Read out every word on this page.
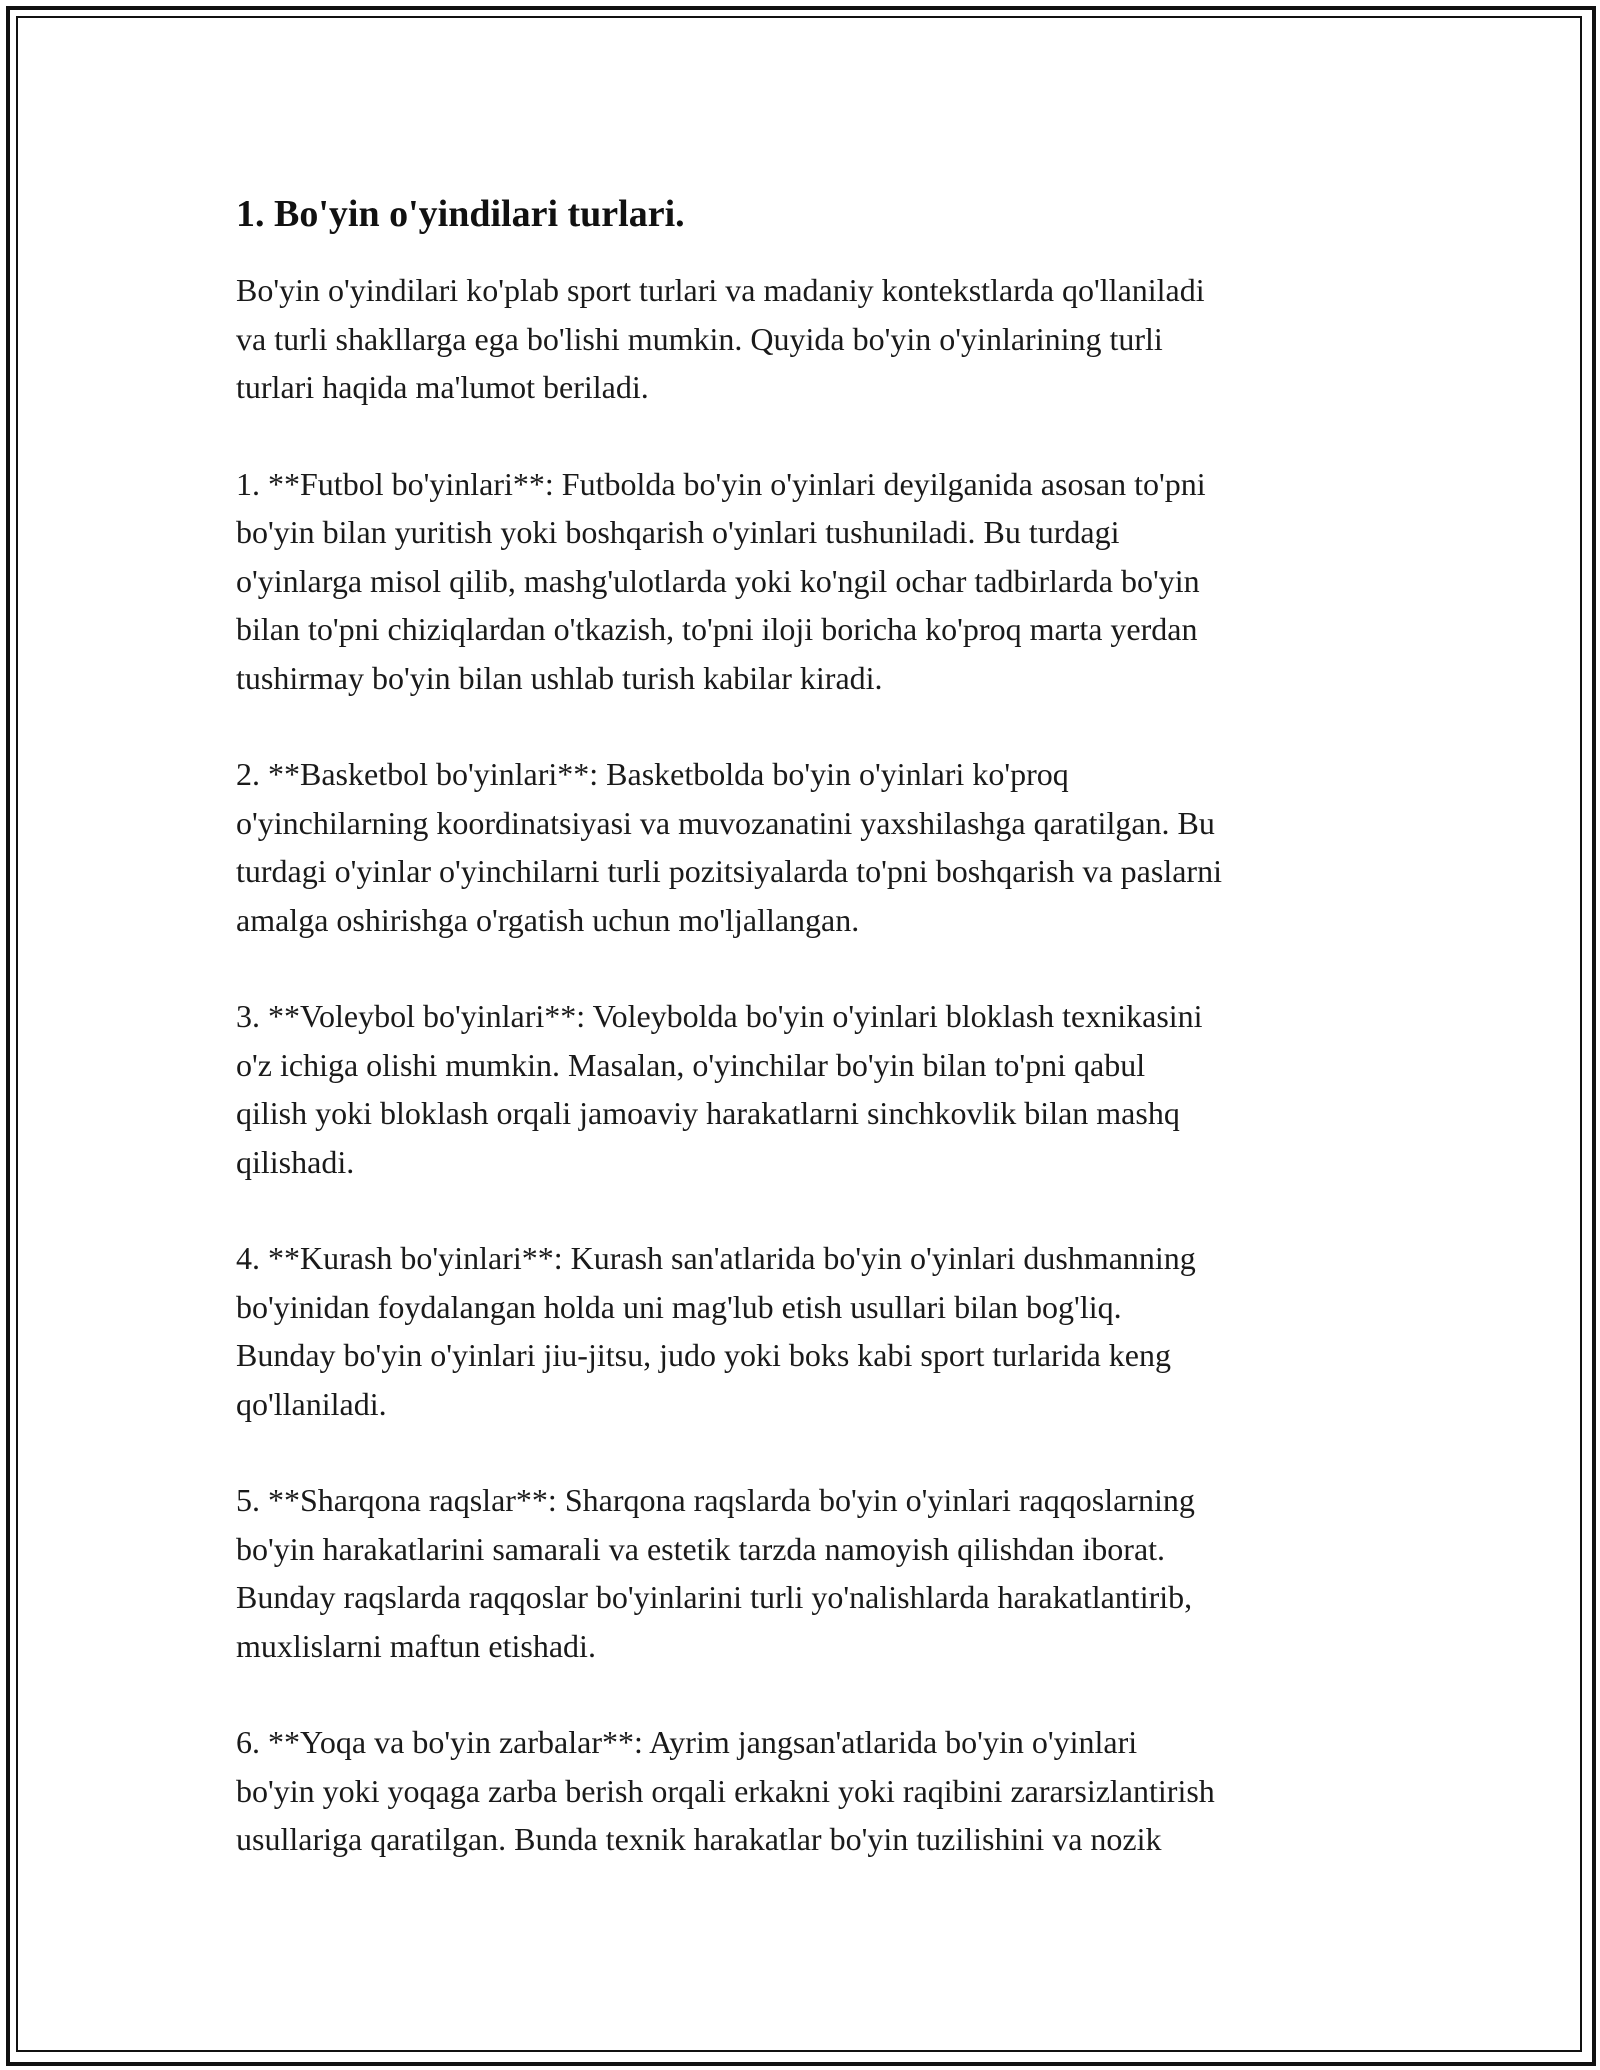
1. Bo'yin o'yindilari turlari.

Bo'yin o'yindilari ko'plab sport turlari va madaniy kontekstlarda qo'llaniladi
va turli shakllarga ega bo'lishi mumkin. Quyida bo'yin o'yinlarining turli
turlari haqida ma'lumot beriladi.

1. **Futbol bo'yinlari**: Futbolda bo'yin o'yinlari deyilganida asosan to'pni
bo'yin bilan yuritish yoki boshqarish o'yinlari tushuniladi. Bu turdagi
o'yinlarga misol qilib, mashg'ulotlarda yoki ko'ngil ochar tadbirlarda bo'yin
bilan to'pni chiziqlardan o'tkazish, to'pni iloji boricha ko'proq marta yerdan
tushirmay bo'yin bilan ushlab turish kabilar kiradi.

2. **Basketbol bo'yinlari**: Basketbolda bo'yin o'yinlari ko'proq
o'yinchilarning koordinatsiyasi va muvozanatini yaxshilashga qaratilgan. Bu
turdagi o'yinlar o'yinchilarni turli pozitsiyalarda to'pni boshqarish va paslarni
amalga oshirishga o'rgatish uchun mo'ljallangan.

3. **Voleybol bo'yinlari**: Voleybolda bo'yin o'yinlari bloklash texnikasini
o'z ichiga olishi mumkin. Masalan, o'yinchilar bo'yin bilan to'pni qabul
qilish yoki bloklash orqali jamoaviy harakatlarni sinchkovlik bilan mashq
qilishadi.

4. **Kurash bo'yinlari**: Kurash san'atlarida bo'yin o'yinlari dushmanning
bo'yinidan foydalangan holda uni mag'lub etish usullari bilan bog'liq.
Bunday bo'yin o'yinlari jiu-jitsu, judo yoki boks kabi sport turlarida keng
qo'llaniladi.

5. **Sharqona raqslar**: Sharqona raqslarda bo'yin o'yinlari raqqoslarning
bo'yin harakatlarini samarali va estetik tarzda namoyish qilishdan iborat.
Bunday raqslarda raqqoslar bo'yinlarini turli yo'nalishlarda harakatlantirib,
muxlislarni maftun etishadi.

6. **Yoqa va bo'yin zarbalar**: Ayrim jangsan'atlarida bo'yin o'yinlari
bo'yin yoki yoqaga zarba berish orqali erkakni yoki raqibini zararsizlantirish
usullariga qaratilgan. Bunda texnik harakatlar bo'yin tuzilishini va nozik
